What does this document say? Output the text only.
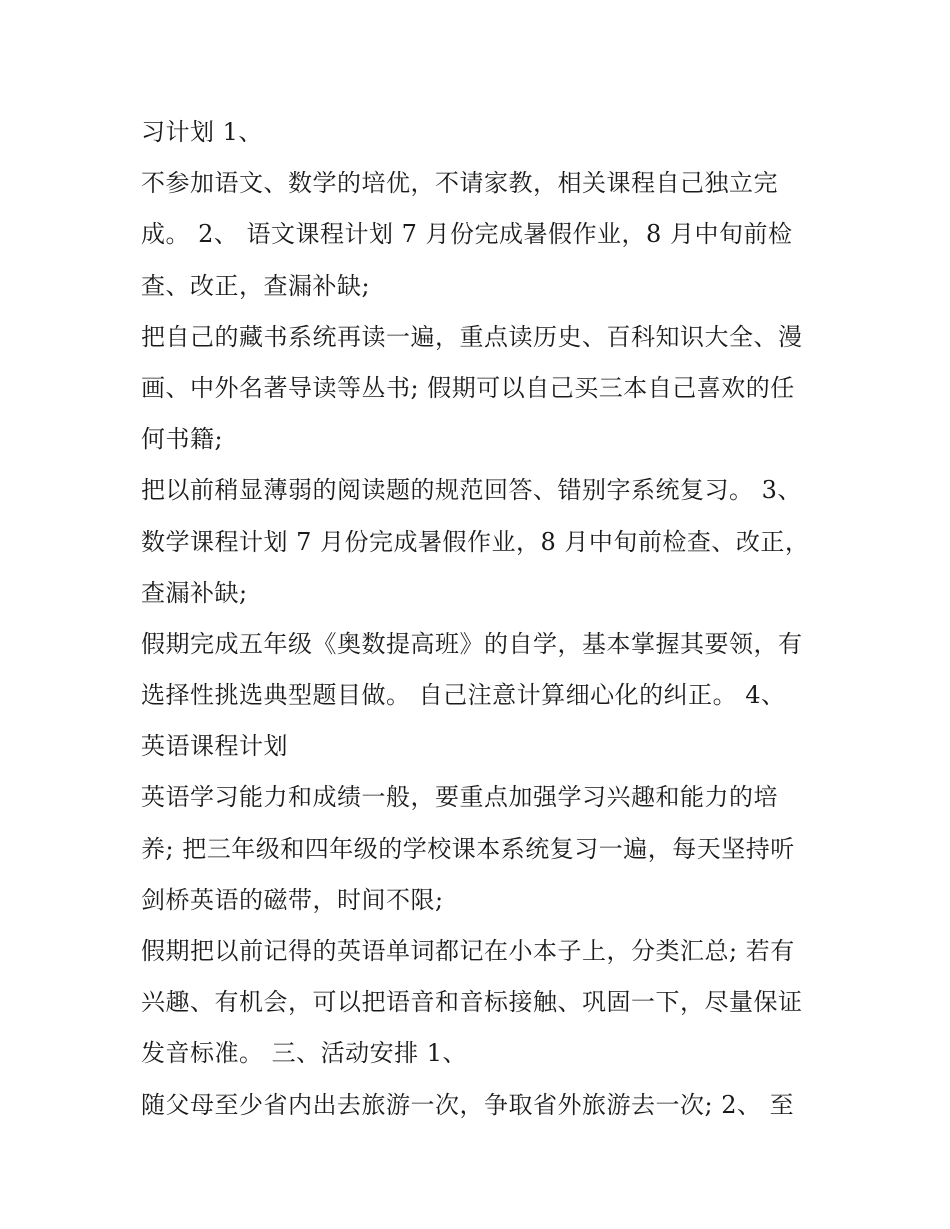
习计划 1、
不参加语文、数学的培优，不请家教，相关课程自己独立完
成。 2、 语文课程计划 7 月份完成暑假作业，8 月中旬前检
查、改正，查漏补缺;
把自己的藏书系统再读一遍，重点读历史、百科知识大全、漫
画、中外名著导读等丛书; 假期可以自己买三本自己喜欢的任
何书籍;
把以前稍显薄弱的阅读题的规范回答、错别字系统复习。 3、
数学课程计划 7 月份完成暑假作业，8 月中旬前检查、改正，
查漏补缺;
假期完成五年级《奥数提高班》的自学，基本掌握其要领，有
选择性挑选典型题目做。 自己注意计算细心化的纠正。 4、
英语课程计划
英语学习能力和成绩一般，要重点加强学习兴趣和能力的培
养; 把三年级和四年级的学校课本系统复习一遍，每天坚持听
剑桥英语的磁带，时间不限;
假期把以前记得的英语单词都记在小本子上，分类汇总; 若有
兴趣、有机会，可以把语音和音标接触、巩固一下，尽量保证
发音标准。 三、活动安排 1、
随父母至少省内出去旅游一次，争取省外旅游去一次; 2、 至
